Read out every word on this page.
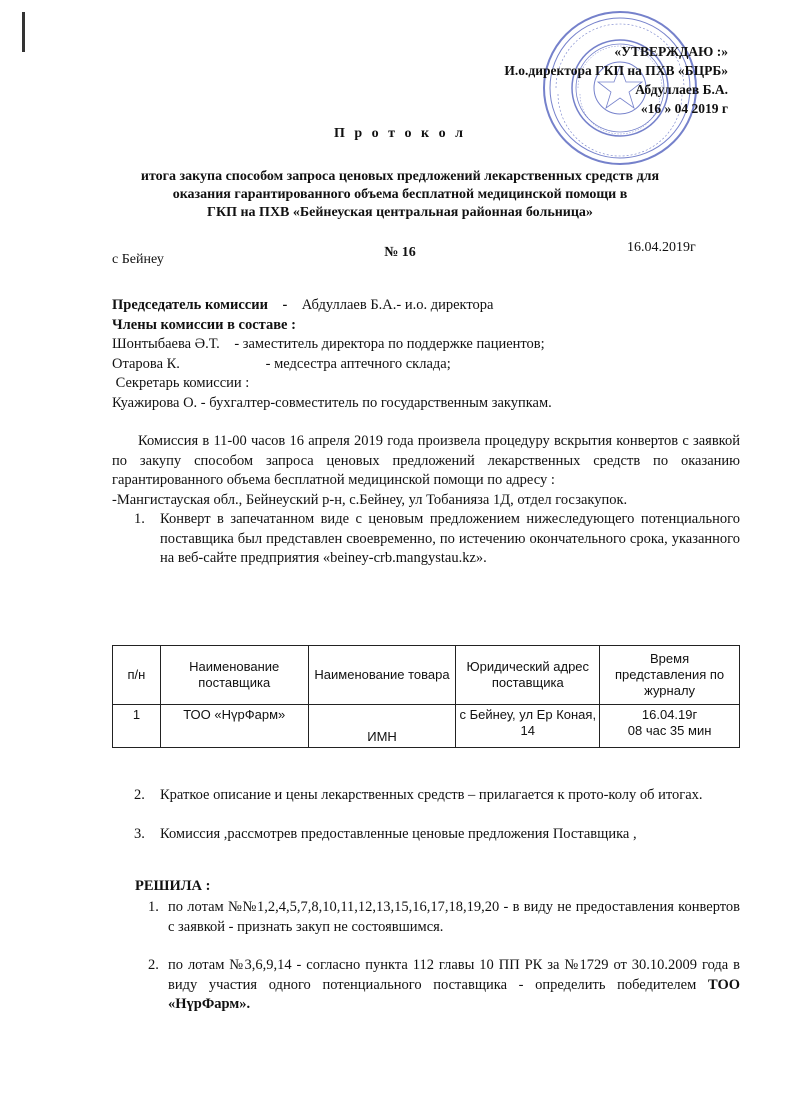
«УТВЕРЖДАЮ :»
И.о.директора ГКП на ПХВ «БЦРБ»
Абдуллаев Б.А.
«16 » 04 2019 г
П р о т о к о л
итога закупа способом запроса ценовых предложений лекарственных средств для
оказания гарантированного объема бесплатной медицинской помощи в
ГКП на ПХВ «Бейнеуская центральная районная больница»
с Бейнеу	№ 16	16.04.2019г
Председатель комиссии - Абдуллаев Б.А.- и.о. директора
Члены комиссии в составе :
Шонтыбаева Ә.Т. - заместитель директора по поддержке пациентов;
Отарова К.	- медсестра аптечного склада;
Секретарь комиссии :
Куажирова О. - бухгалтер-совместитель по государственным закупкам.

Комиссия в 11-00 часов 16 апреля 2019 года произвела процедуру вскрытия конвертов с заявкой по закупу способом запроса ценовых предложений лекарственных средств по оказанию гарантированного объема бесплатной медицинской помощи по адресу :

-Мангистауская обл., Бейнеуский р-н, с.Бейнеу, ул Тобанияза 1Д, отдел госзакупок.

1. Конверт в запечатанном виде с ценовым предложением нижеследующего потенциального поставщика был представлен своевременно, по истечению окончательного срока, указанного на веб-сайте предприятия «beiney-crb.mangystau.kz».
п/н	Наименование поставщика	Наименование товара	Юридический адрес поставщика	Время представления по журналу
1	ТОО «НүрФарм»	ИМН	с Бейнеу, ул Ер Коная, 14	16.04.19г
08 час 35 мин
2. Краткое описание и цены лекарственных средств – прилагается к прото-колу об итогах.
3. Комиссия ,рассмотрев предоставленные ценовые предложения Поставщика ,
РЕШИЛА :
1. по лотам №№1,2,4,5,7,8,10,11,12,13,15,16,17,18,19,20 - в виду не предоставления конвертов с заявкой - признать закуп не состоявшимся.
2. по лотам №3,6,9,14 - согласно пункта 112 главы 10 ПП РК за №1729 от 30.10.2009 года в виду участия одного потенциального поставщика - определить победителем ТОО «НүрФарм».
